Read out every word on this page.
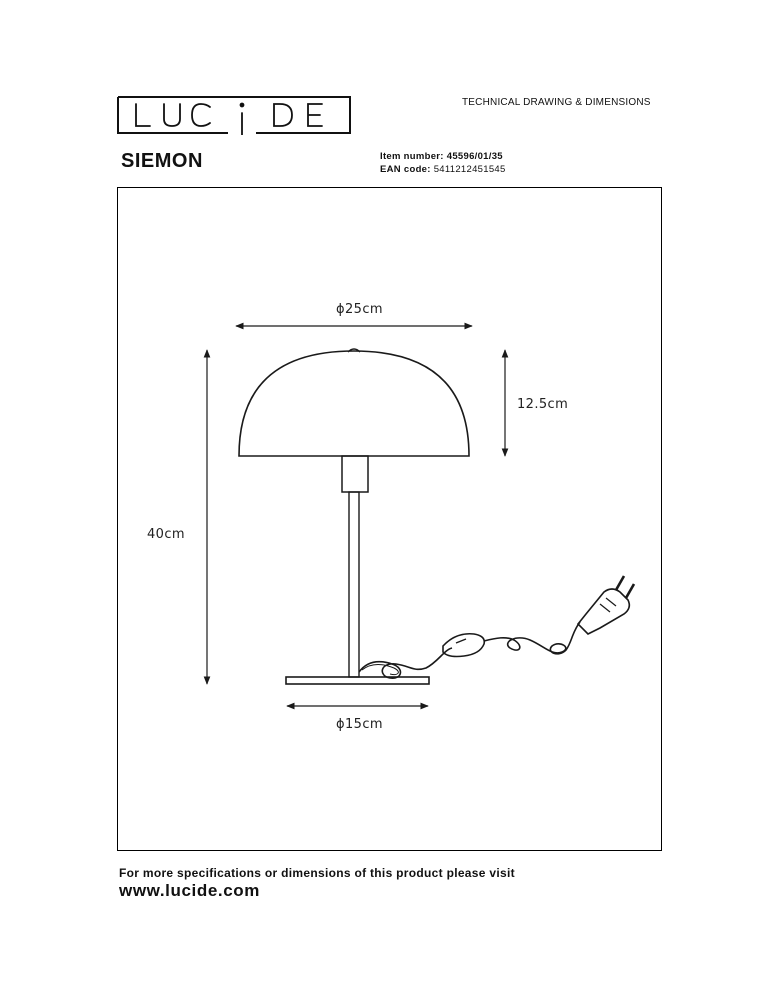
TECHNICAL DRAWING & DIMENSIONS
SIEMON	Item number: 45596/01/35
EAN code: 5411212451545
ϕ25cm
12.5cm
40cm
ϕ15cm
For more specifications or dimensions of this product please visit
www.lucide.com
